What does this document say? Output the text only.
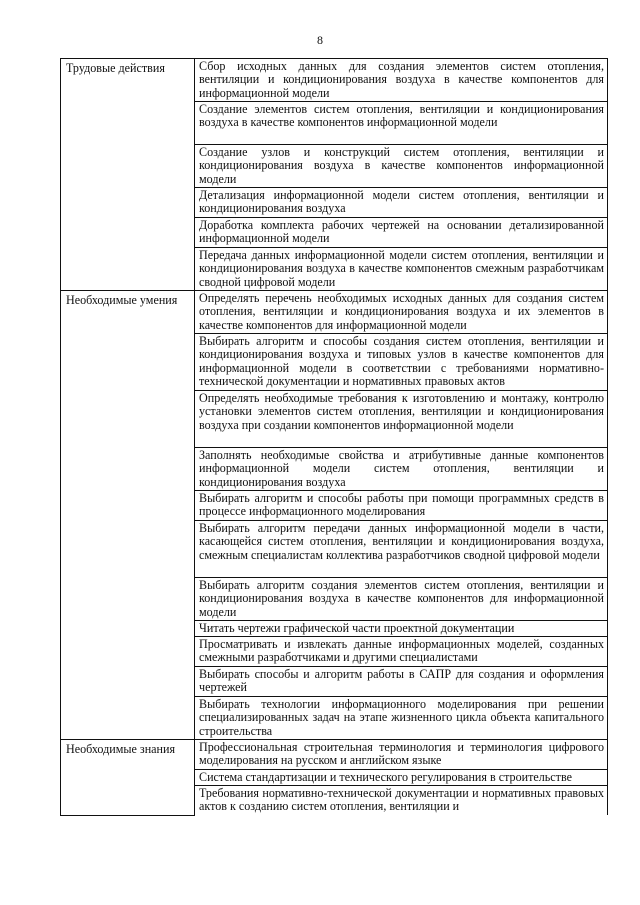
8
Трудовые действия	Сбор исходных данных для создания элементов систем отопления, вентиляции и кондиционирования воздуха в качестве компонентов для информационной модели
	Создание элементов систем отопления, вентиляции и кондиционирования воздуха в качестве компонентов информационной модели
	Создание узлов и конструкций систем отопления, вентиляции и кондиционирования воздуха в качестве компонентов информационной модели
	Детализация информационной модели систем отопления, вентиляции и кондиционирования воздуха
	Доработка комплекта рабочих чертежей на основании детализированной информационной модели
	Передача данных информационной модели систем отопления, вентиляции и кондиционирования воздуха в качестве компонентов смежным разработчикам сводной цифровой модели
Необходимые умения	Определять перечень необходимых исходных данных для создания систем отопления, вентиляции и кондиционирования воздуха и их элементов в качестве компонентов для информационной модели
	Выбирать алгоритм и способы создания систем отопления, вентиляции и кондиционирования воздуха и типовых узлов в качестве компонентов для информационной модели в соответствии с требованиями нормативно-технической документации и нормативных правовых актов
	Определять необходимые требования к изготовлению и монтажу, контролю установки элементов систем отопления, вентиляции и кондиционирования воздуха при создании компонентов информационной модели
	Заполнять необходимые свойства и атрибутивные данные компонентов информационной модели систем отопления, вентиляции и кондиционирования воздуха
	Выбирать алгоритм и способы работы при помощи программных средств в процессе информационного моделирования
	Выбирать алгоритм передачи данных информационной модели в части, касающейся систем отопления, вентиляции и кондиционирования воздуха, смежным специалистам коллектива разработчиков сводной цифровой модели
	Выбирать алгоритм создания элементов систем отопления, вентиляции и кондиционирования воздуха в качестве компонентов для информационной модели
	Читать чертежи графической части проектной документации
	Просматривать и извлекать данные информационных моделей, созданных смежными разработчиками и другими специалистами
	Выбирать способы и алгоритм работы в САПР для создания и оформления чертежей
	Выбирать технологии информационного моделирования при решении специализированных задач на этапе жизненного цикла объекта капитального строительства
Необходимые знания	Профессиональная строительная терминология и терминология цифрового моделирования на русском и английском языке
	Система стандартизации и технического регулирования в строительстве
	Требования нормативно-технической документации и нормативных правовых актов к созданию систем отопления, вентиляции и
